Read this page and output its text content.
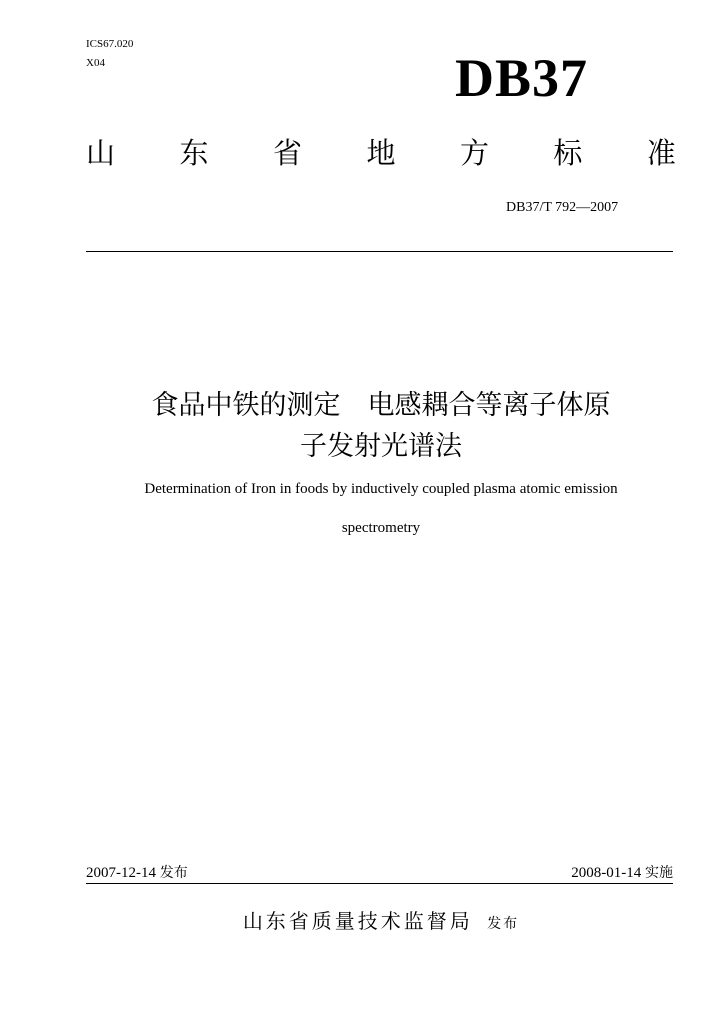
ICS67.020
X04	DB37
山 东 省 地 方 标 准
DB37/T 792—2007
食品中铁的测定　电感耦合等离子体原
子发射光谱法
Determination of Iron in foods by inductively coupled plasma atomic emission
spectrometry
2007-12-14 发布	2008-01-14 实施
山东省质量技术监督局 发布
